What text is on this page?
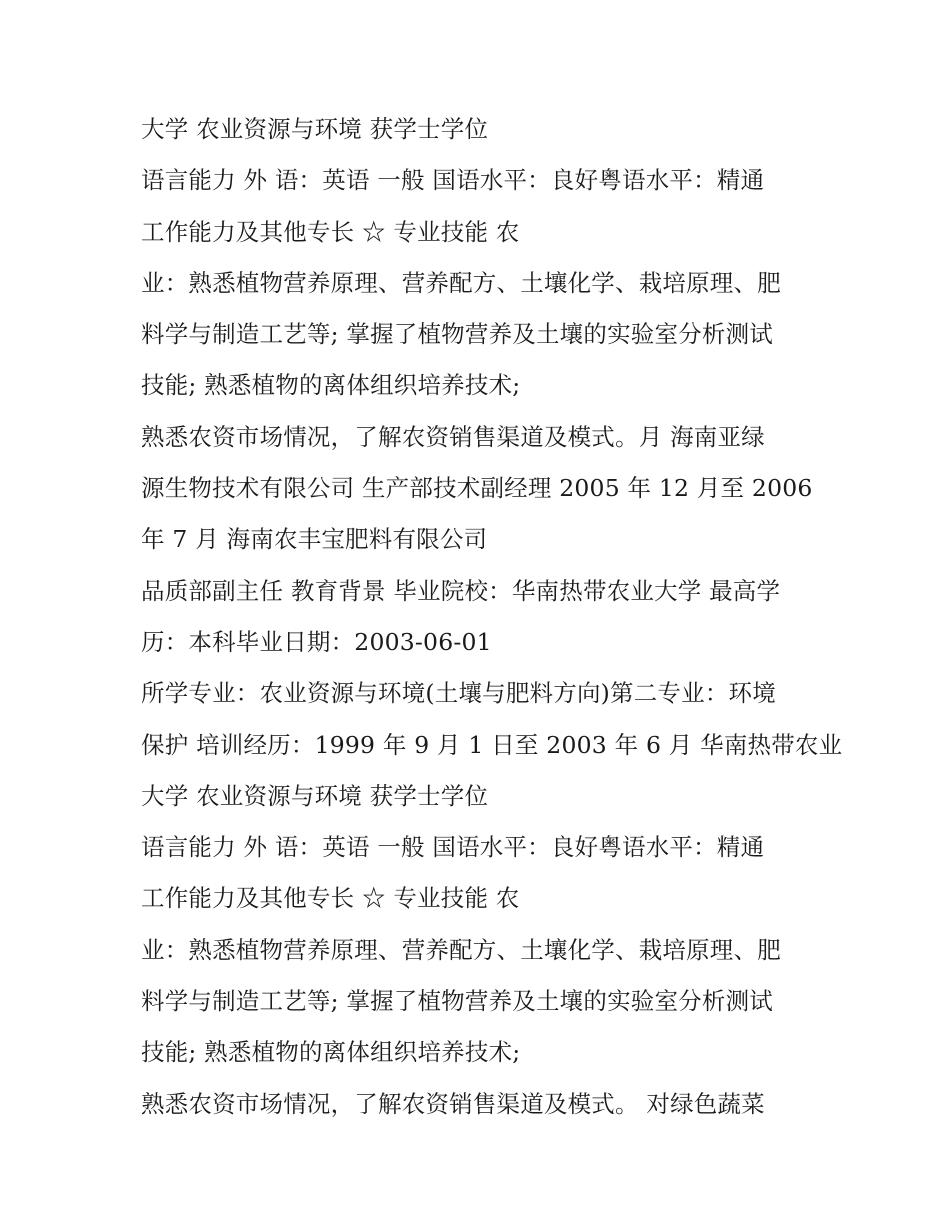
大学 农业资源与环境 获学士学位

语言能力 外 语：英语 一般 国语水平：良好粤语水平：精通

工作能力及其他专长 ☆ 专业技能 农

业：熟悉植物营养原理、营养配方、土壤化学、栽培原理、肥

料学与制造工艺等; 掌握了植物营养及土壤的实验室分析测试

技能; 熟悉植物的离体组织培养技术;

熟悉农资市场情况，了解农资销售渠道及模式。月 海南亚绿

源生物技术有限公司 生产部技术副经理 2005 年 12 月至 2006

年 7 月 海南农丰宝肥料有限公司

品质部副主任 教育背景 毕业院校：华南热带农业大学 最高学

历：本科毕业日期：2003-06-01

所学专业：农业资源与环境(土壤与肥料方向)第二专业：环境

保护 培训经历：1999 年 9 月 1 日至 2003 年 6 月 华南热带农业

大学 农业资源与环境 获学士学位

语言能力 外 语：英语 一般 国语水平：良好粤语水平：精通

工作能力及其他专长 ☆ 专业技能 农

业：熟悉植物营养原理、营养配方、土壤化学、栽培原理、肥

料学与制造工艺等; 掌握了植物营养及土壤的实验室分析测试

技能; 熟悉植物的离体组织培养技术;

熟悉农资市场情况，了解农资销售渠道及模式。 对绿色蔬菜
